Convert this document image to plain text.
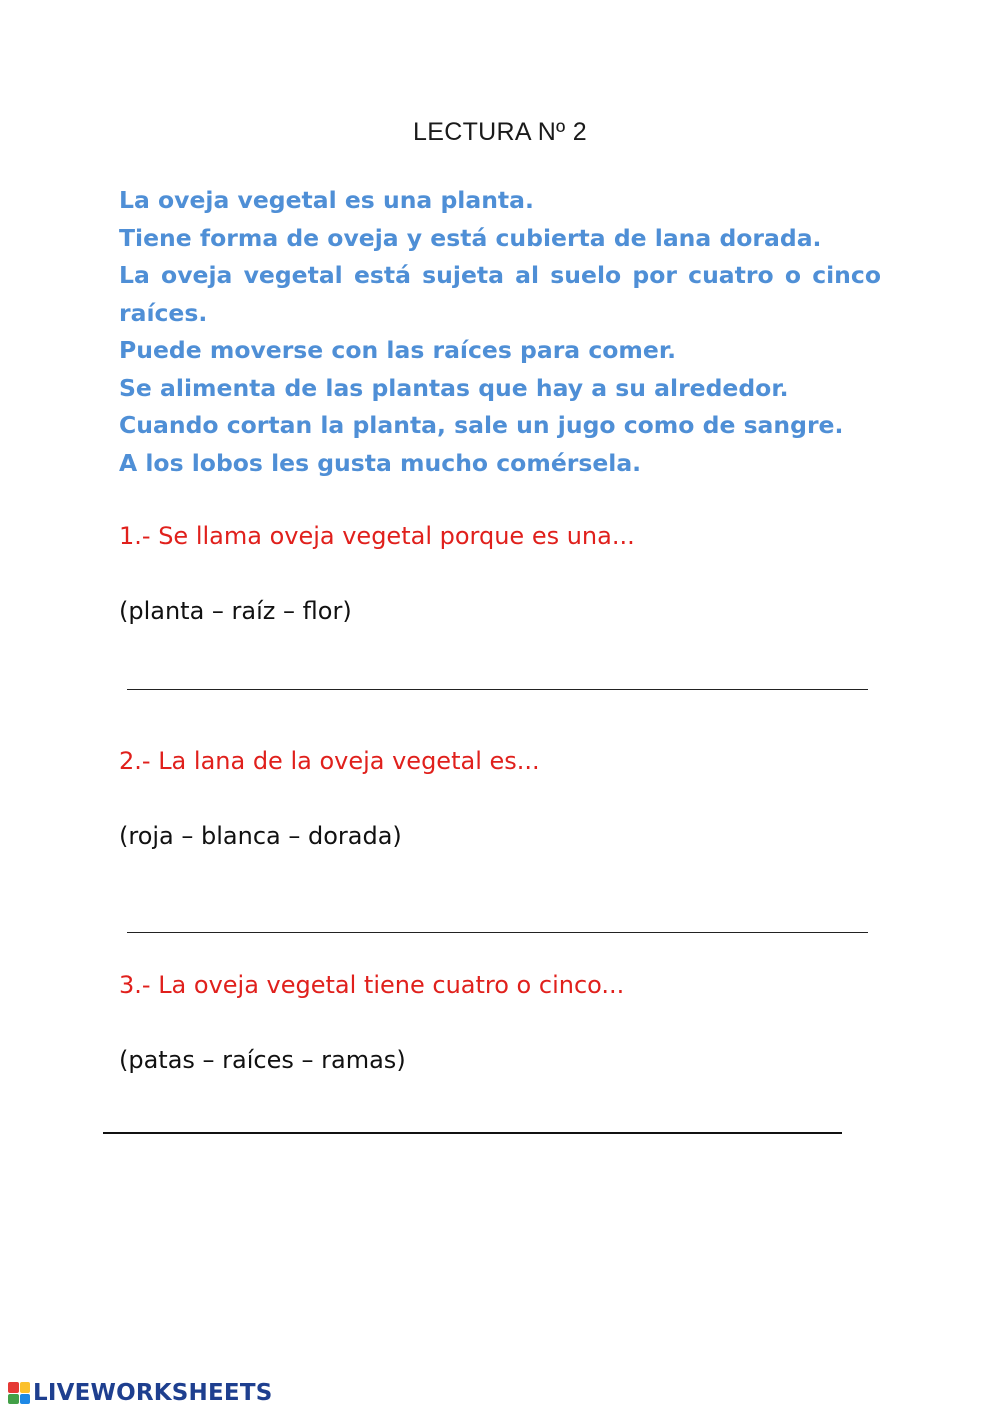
LECTURA Nº 2
La oveja vegetal es una planta.
Tiene forma de oveja y está cubierta de lana dorada.
La oveja vegetal está sujeta al suelo por cuatro o cinco
raíces.
Puede moverse con las raíces para comer.
Se alimenta de las plantas que hay a su alrededor.
Cuando cortan la planta, sale un jugo como de sangre.
A los lobos les gusta mucho comérsela.
1.- Se llama oveja vegetal porque es una...
(planta – raíz – flor)
2.- La lana de la oveja vegetal es...
(roja – blanca – dorada)
3.- La oveja vegetal tiene cuatro o cinco...
(patas – raíces – ramas)
LIVEWORKSHEETS
